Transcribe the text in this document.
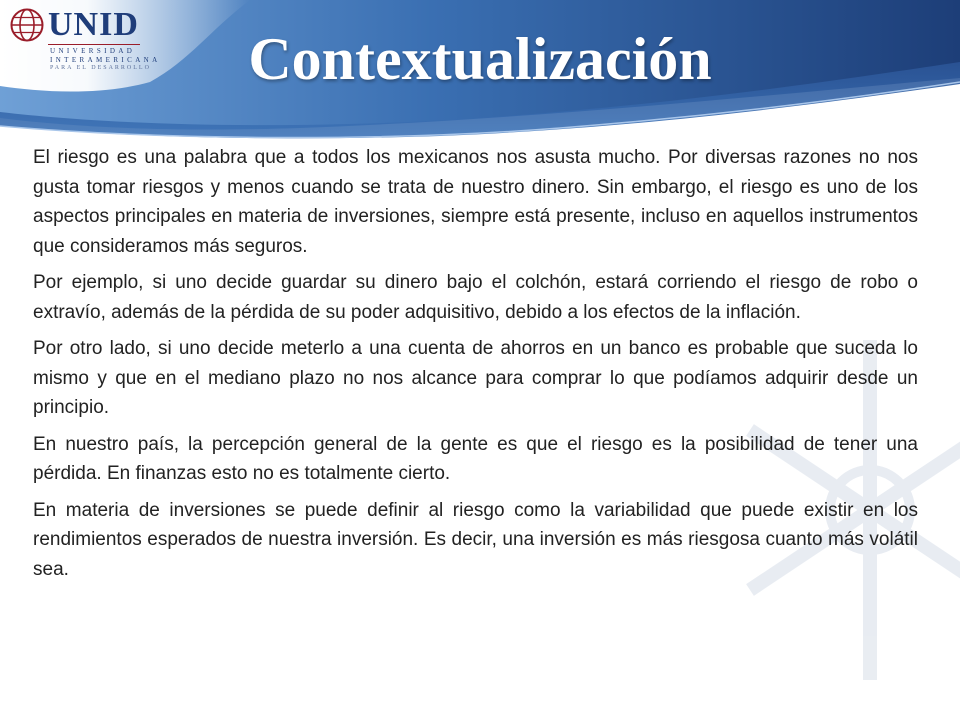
UNID
UNIVERSIDAD
INTERAMERICANA
PARA EL DESARROLLO	Contextualización

El riesgo es una palabra que a todos los mexicanos nos asusta mucho. Por diversas razones no nos gusta tomar riesgos y menos cuando se trata de nuestro dinero. Sin embargo, el riesgo es uno de los aspectos principales en materia de inversiones, siempre está presente, incluso en aquellos instrumentos que consideramos más seguros.

Por ejemplo, si uno decide guardar su dinero bajo el colchón, estará corriendo el riesgo de robo o extravío, además de la pérdida de su poder adquisitivo, debido a los efectos de la inflación.

Por otro lado, si uno decide meterlo a una cuenta de ahorros en un banco es probable que suceda lo mismo y que en el mediano plazo no nos alcance para comprar lo que podíamos adquirir desde un principio.

En nuestro país, la percepción general de la gente es que el riesgo es la posibilidad de tener una pérdida. En finanzas esto no es totalmente cierto.

En materia de inversiones se puede definir al riesgo como la variabilidad que puede existir en los rendimientos esperados de nuestra inversión. Es decir, una inversión es más riesgosa cuanto más volátil sea.
